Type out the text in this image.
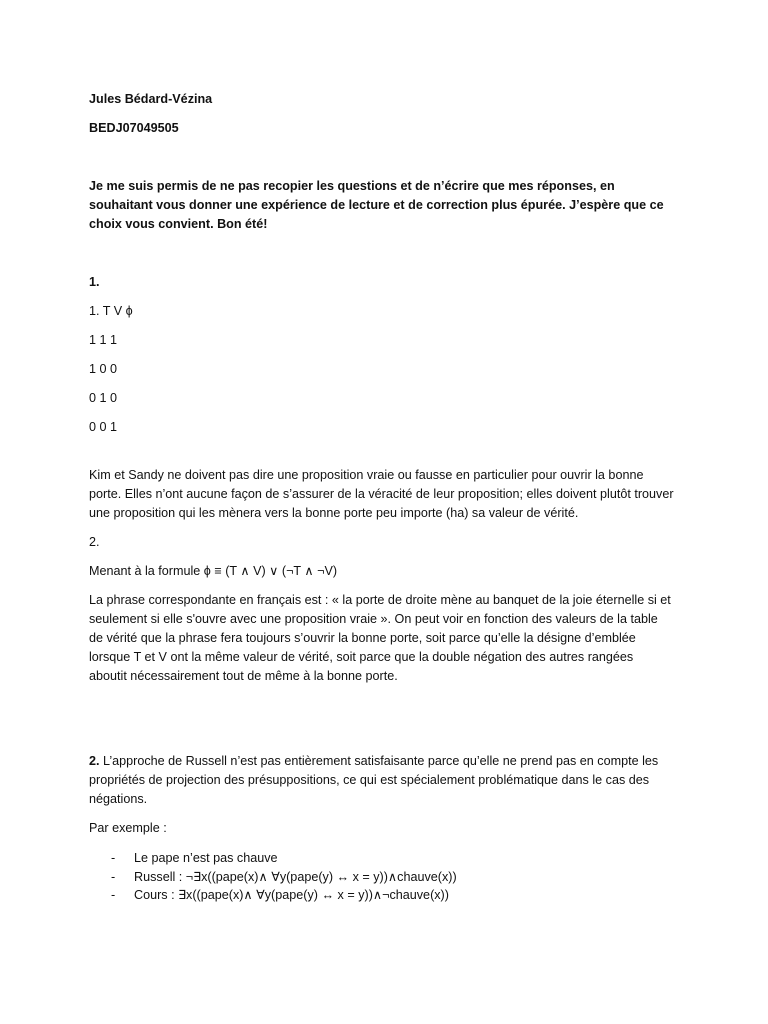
Jules Bédard-Vézina

BEDJ07049505

Je me suis permis de ne pas recopier les questions et de n’écrire que mes réponses, en souhaitant vous donner une expérience de lecture et de correction plus épurée. J’espère que ce choix vous convient. Bon été!

1.

1. T V ϕ

1 1 1

1 0 0

0 1 0

0 0 1

Kim et Sandy ne doivent pas dire une proposition vraie ou fausse en particulier pour ouvrir la bonne porte. Elles n’ont aucune façon de s’assurer de la véracité de leur proposition; elles doivent plutôt trouver une proposition qui les mènera vers la bonne porte peu importe (ha) sa valeur de vérité.

2.

Menant à la formule ϕ ≡ (T ∧ V) ∨ (¬T ∧ ¬V)

La phrase correspondante en français est : « la porte de droite mène au banquet de la joie éternelle si et seulement si elle s'ouvre avec une proposition vraie ». On peut voir en fonction des valeurs de la table de vérité que la phrase fera toujours s’ouvrir la bonne porte, soit parce qu’elle la désigne d’emblée lorsque T et V ont la même valeur de vérité, soit parce que la double négation des autres rangées aboutit nécessairement tout de même à la bonne porte.

2. L’approche de Russell n’est pas entièrement satisfaisante parce qu’elle ne prend pas en compte les propriétés de projection des présuppositions, ce qui est spécialement problématique dans le cas des négations.

Par exemple :

- Le pape n’est pas chauve
- Russell : ¬∃x((pape(x)∧ ∀y(pape(y) ↔ x = y))∧chauve(x))
- Cours : ∃x((pape(x)∧ ∀y(pape(y) ↔ x = y))∧¬chauve(x))
